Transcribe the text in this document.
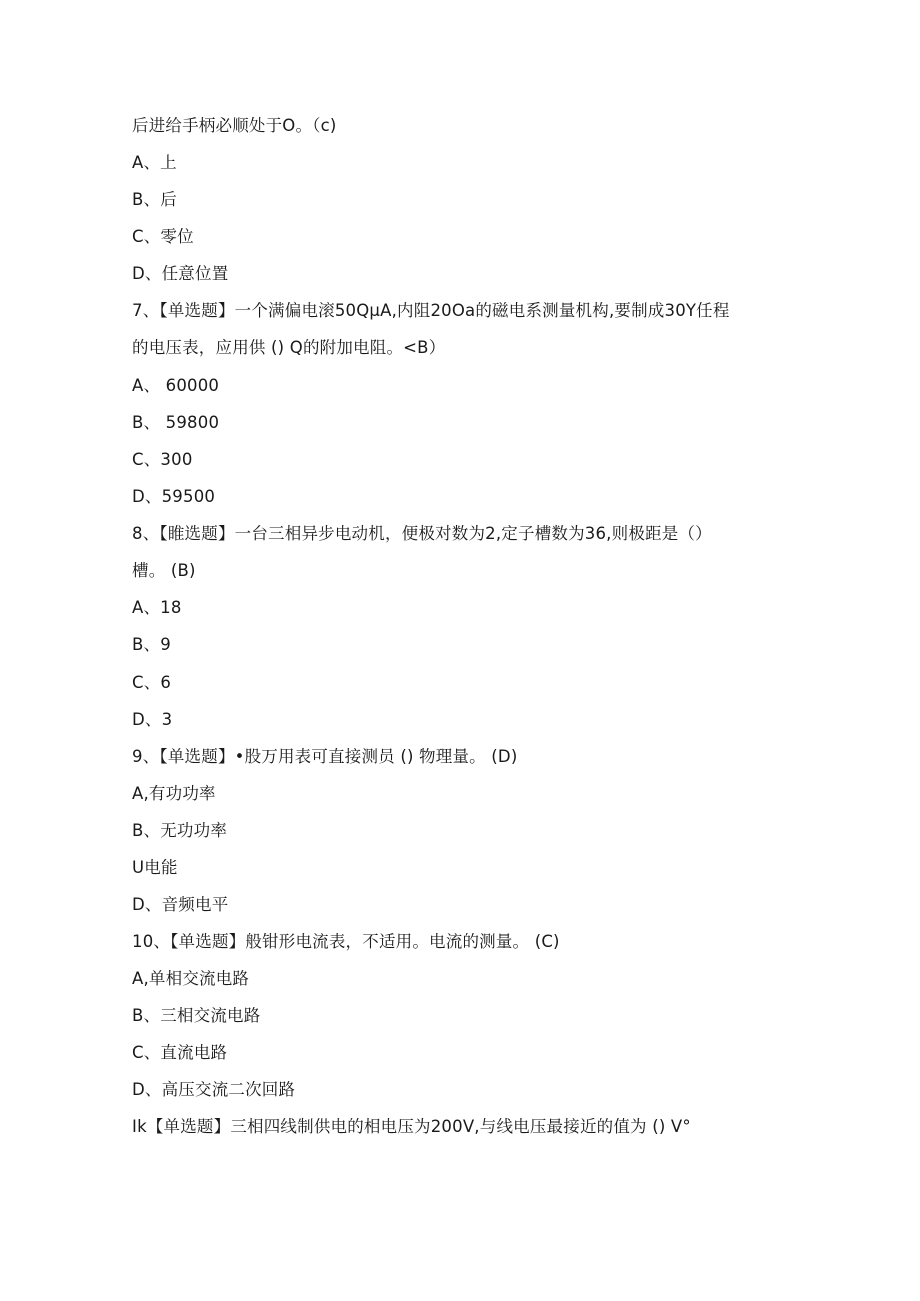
后进给手柄必顺处于O。（c)
A、上
B、后
C、零位
D、任意位置
7、【单选题】一个满偏电滚50QμA,内阻20Oa的磁电系测量机构,要制成30Y任程
的电压表，应用供 () Q的附加电阻。<B）
A、 60000
B、 59800
C、300
D、59500
8、【睢选题】一台三相异步电动机，便极对数为2,定子槽数为36,则极距是（）
槽。 (B)
A、18
B、9
C、6
D、3
9、【单选题】•股万用表可直接测员 () 物理量。 (D)
A,有功功率
B、无功功率
U电能
D、音频电平
10、【单选题】般钳形电流表，不适用。电流的测量。 (C)
A,单相交流电路
B、三相交流电路
C、直流电路
D、高压交流二次回路
Ik【单选题】三相四线制供电的相电压为200V,与线电压最接近的值为 () V°
